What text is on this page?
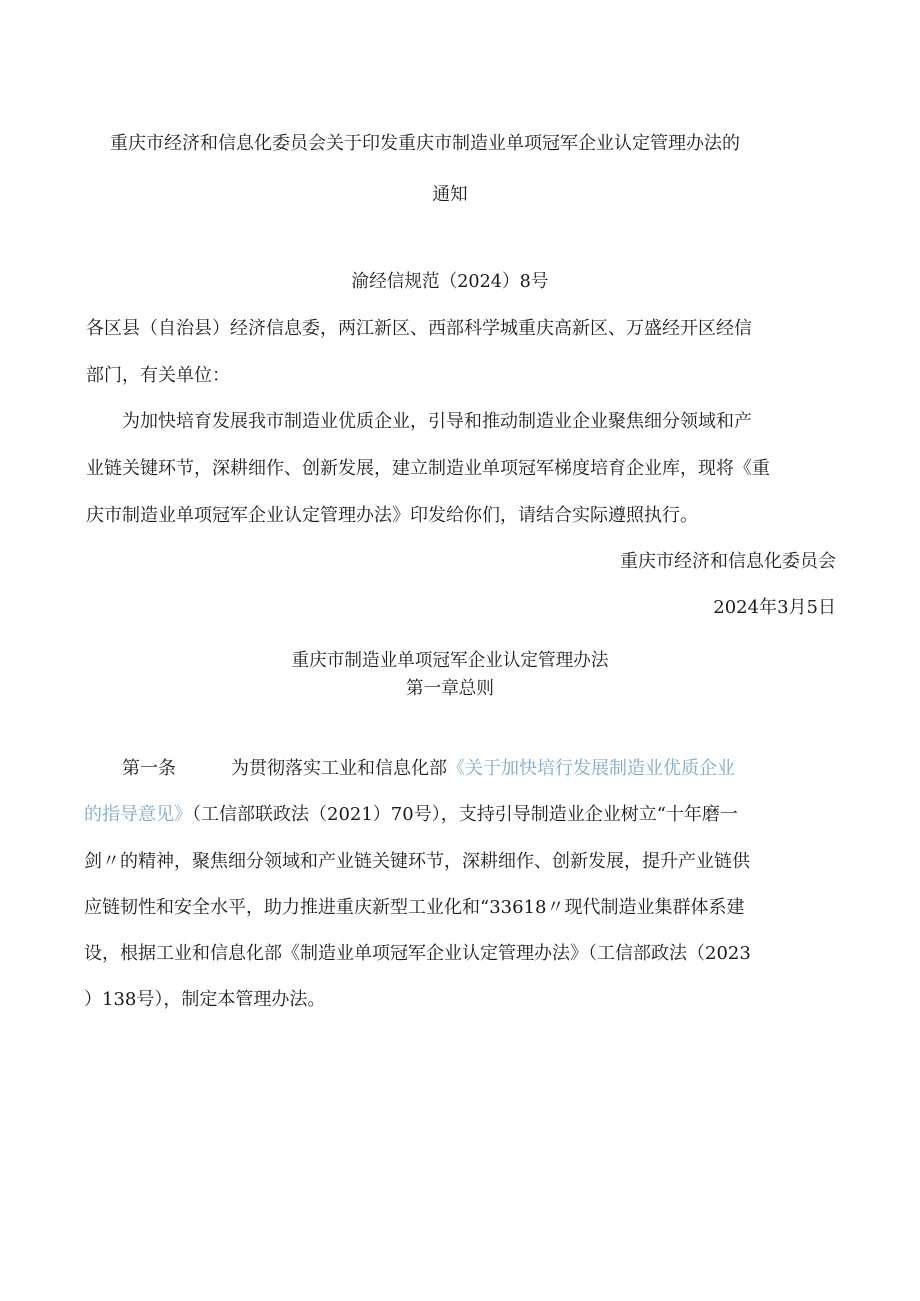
重庆市经济和信息化委员会关于印发重庆市制造业单项冠军企业认定管理办法的
通知
渝经信规范（2024）8号
各区县（自治县）经济信息委，两江新区、西部科学城重庆高新区、万盛经开区经信
部门，有关单位：
为加快培育发展我市制造业优质企业，引导和推动制造业企业聚焦细分领域和产
业链关键环节，深耕细作、创新发展，建立制造业单项冠军梯度培育企业库，现将《重
庆市制造业单项冠军企业认定管理办法》印发给你们，请结合实际遵照执行。
重庆市经济和信息化委员会
2024年3月5日
重庆市制造业单项冠军企业认定管理办法
第一章总则
第一条	为贯彻落实工业和信息化部《关于加快培行发展制造业优质企业
的指导意见》（工信部联政法（2021）70号），支持引导制造业企业树立“十年磨一
剑〃的精神，聚焦细分领域和产业链关键环节，深耕细作、创新发展，提升产业链供
应链韧性和安全水平，助力推进重庆新型工业化和“33618〃现代制造业集群体系建
设，根据工业和信息化部《制造业单项冠军企业认定管理办法》（工信部政法（2023
）138号），制定本管理办法。
